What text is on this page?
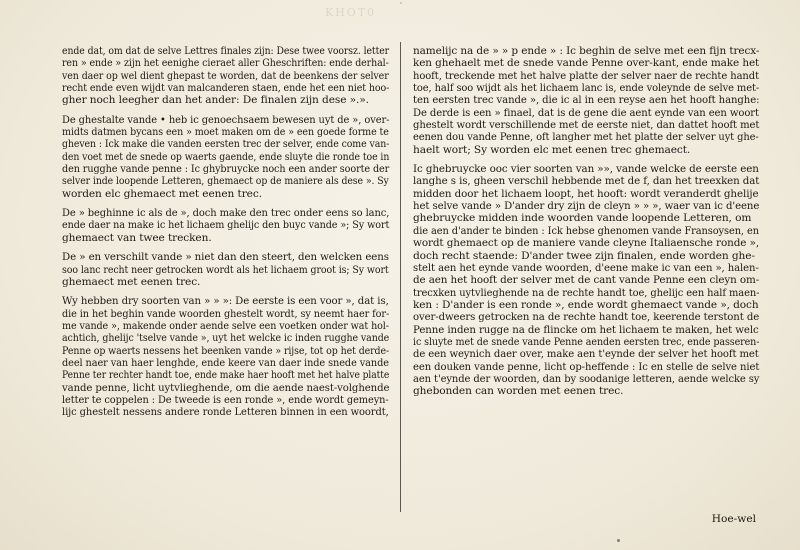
KHOT0

ende dat, om dat de selve Lettres finales zijn: Dese twee voorsz. letter
ren » ende » zijn het eenighe cieraet aller Gheschriften: ende derhal-
ven daer op wel dient ghepast te worden, dat de beenkens der selver
recht ende even wijdt van malcanderen staen, ende het een niet hoo-
gher noch leegher dan het ander: De finalen zijn dese ».».

De ghestalte vande • heb ic genoechsaem bewesen uyt de », over-
midts datmen bycans een » moet maken om de » een goede forme te
gheven : Ick make die vanden eersten trec der selver, ende come van-
den voet met de snede op waerts gaende, ende sluyte die ronde toe in
den rugghe vande penne : Ic ghybruycke noch een ander soorte der
selver inde loopende Letteren, ghemaect op de maniere als dese ». Sy
worden elc ghemaect met eenen trec.

De » beghinne ic als de », doch make den trec onder eens so lanc,
ende daer na make ic het lichaem ghelijc den buyc vande »; Sy wort
ghemaect van twee trecken.

De » en verschilt vande » niet dan den steert, den welcken eens
soo lanc recht neer getrocken wordt als het lichaem groot is; Sy wort
ghemaect met eenen trec.

Wy hebben dry soorten van » » »: De eerste is een voor », dat is,
die in het beghin vande woorden ghestelt wordt, sy neemt haer for-
me vande », makende onder aende selve een voetken onder wat hol-
achtich, ghelijc 'tselve vande », uyt het welcke ic inden rugghe vande
Penne op waerts nessens het beenken vande » rijse, tot op het derde-
deel naer van haer lenghde, ende keere van daer inde snede vande
Penne ter rechter handt toe, ende make haer hooft met het halve platte
vande penne, licht uytvlieghende, om die aende naest-volghende
letter te coppelen : De tweede is een ronde », ende wordt gemeyn-
lijc ghestelt nessens andere ronde Letteren binnen in een woordt,

namelijc na de » » p ende » : Ic beghin de selve met een fijn trecx-
ken ghehaelt met de snede vande Penne over-kant, ende make het
hooft, treckende met het halve platte der selver naer de rechte handt
toe, half soo wijdt als het lichaem lanc is, ende voleynde de selve met-
ten eersten trec vande », die ic al in een reyse aen het hooft hanghe:
De derde is een » finael, dat is de gene die aent eynde van een woort
ghestelt wordt verschillende met de eerste niet, dan dattet hooft met
eenen dou vande Penne, oft langher met het platte der selver uyt ghe-
haelt wort; Sy worden elc met eenen trec ghemaect.

Ic ghebruycke ooc vier soorten van »», vande welcke de eerste een
langhe s is, gheen verschil hebbende met de f, dan het treexken dat
midden door het lichaem loopt, het hooft: wordt veranderdt ghelije
het selve vande » D'ander dry zijn de cleyn » » », waer van ic d'eene
ghebruycke midden inde woorden vande loopende Letteren, om
die aen d'ander te binden : Ick hebse ghenomen vande Fransoysen, en
wordt ghemaect op de maniere vande cleyne Italiaensche ronde »,
doch recht staende: D'ander twee zijn finalen, ende worden ghe-
stelt aen het eynde vande woorden, d'eene make ic van een », halen-
de aen het hooft der selver met de cant vande Penne een cleyn om-
trecxken uytvlieghende na de rechte handt toe, ghelijc een half maen-
ken : D'ander is een ronde », ende wordt ghemaect vande », doch
over-dweers getrocken na de rechte handt toe, keerende terstont de
Penne inden rugge na de flincke om het lichaem te maken, het welc
ic sluyte met de snede vande Penne aenden eersten trec, ende passeren-
de een weynich daer over, make aen t'eynde der selver het hooft met
een douken vande penne, licht op-heffende : Ic en stelle de selve niet
aen t'eynde der woorden, dan by soodanige letteren, aende welcke sy
ghebonden can worden met eenen trec.

Hoe-wel
